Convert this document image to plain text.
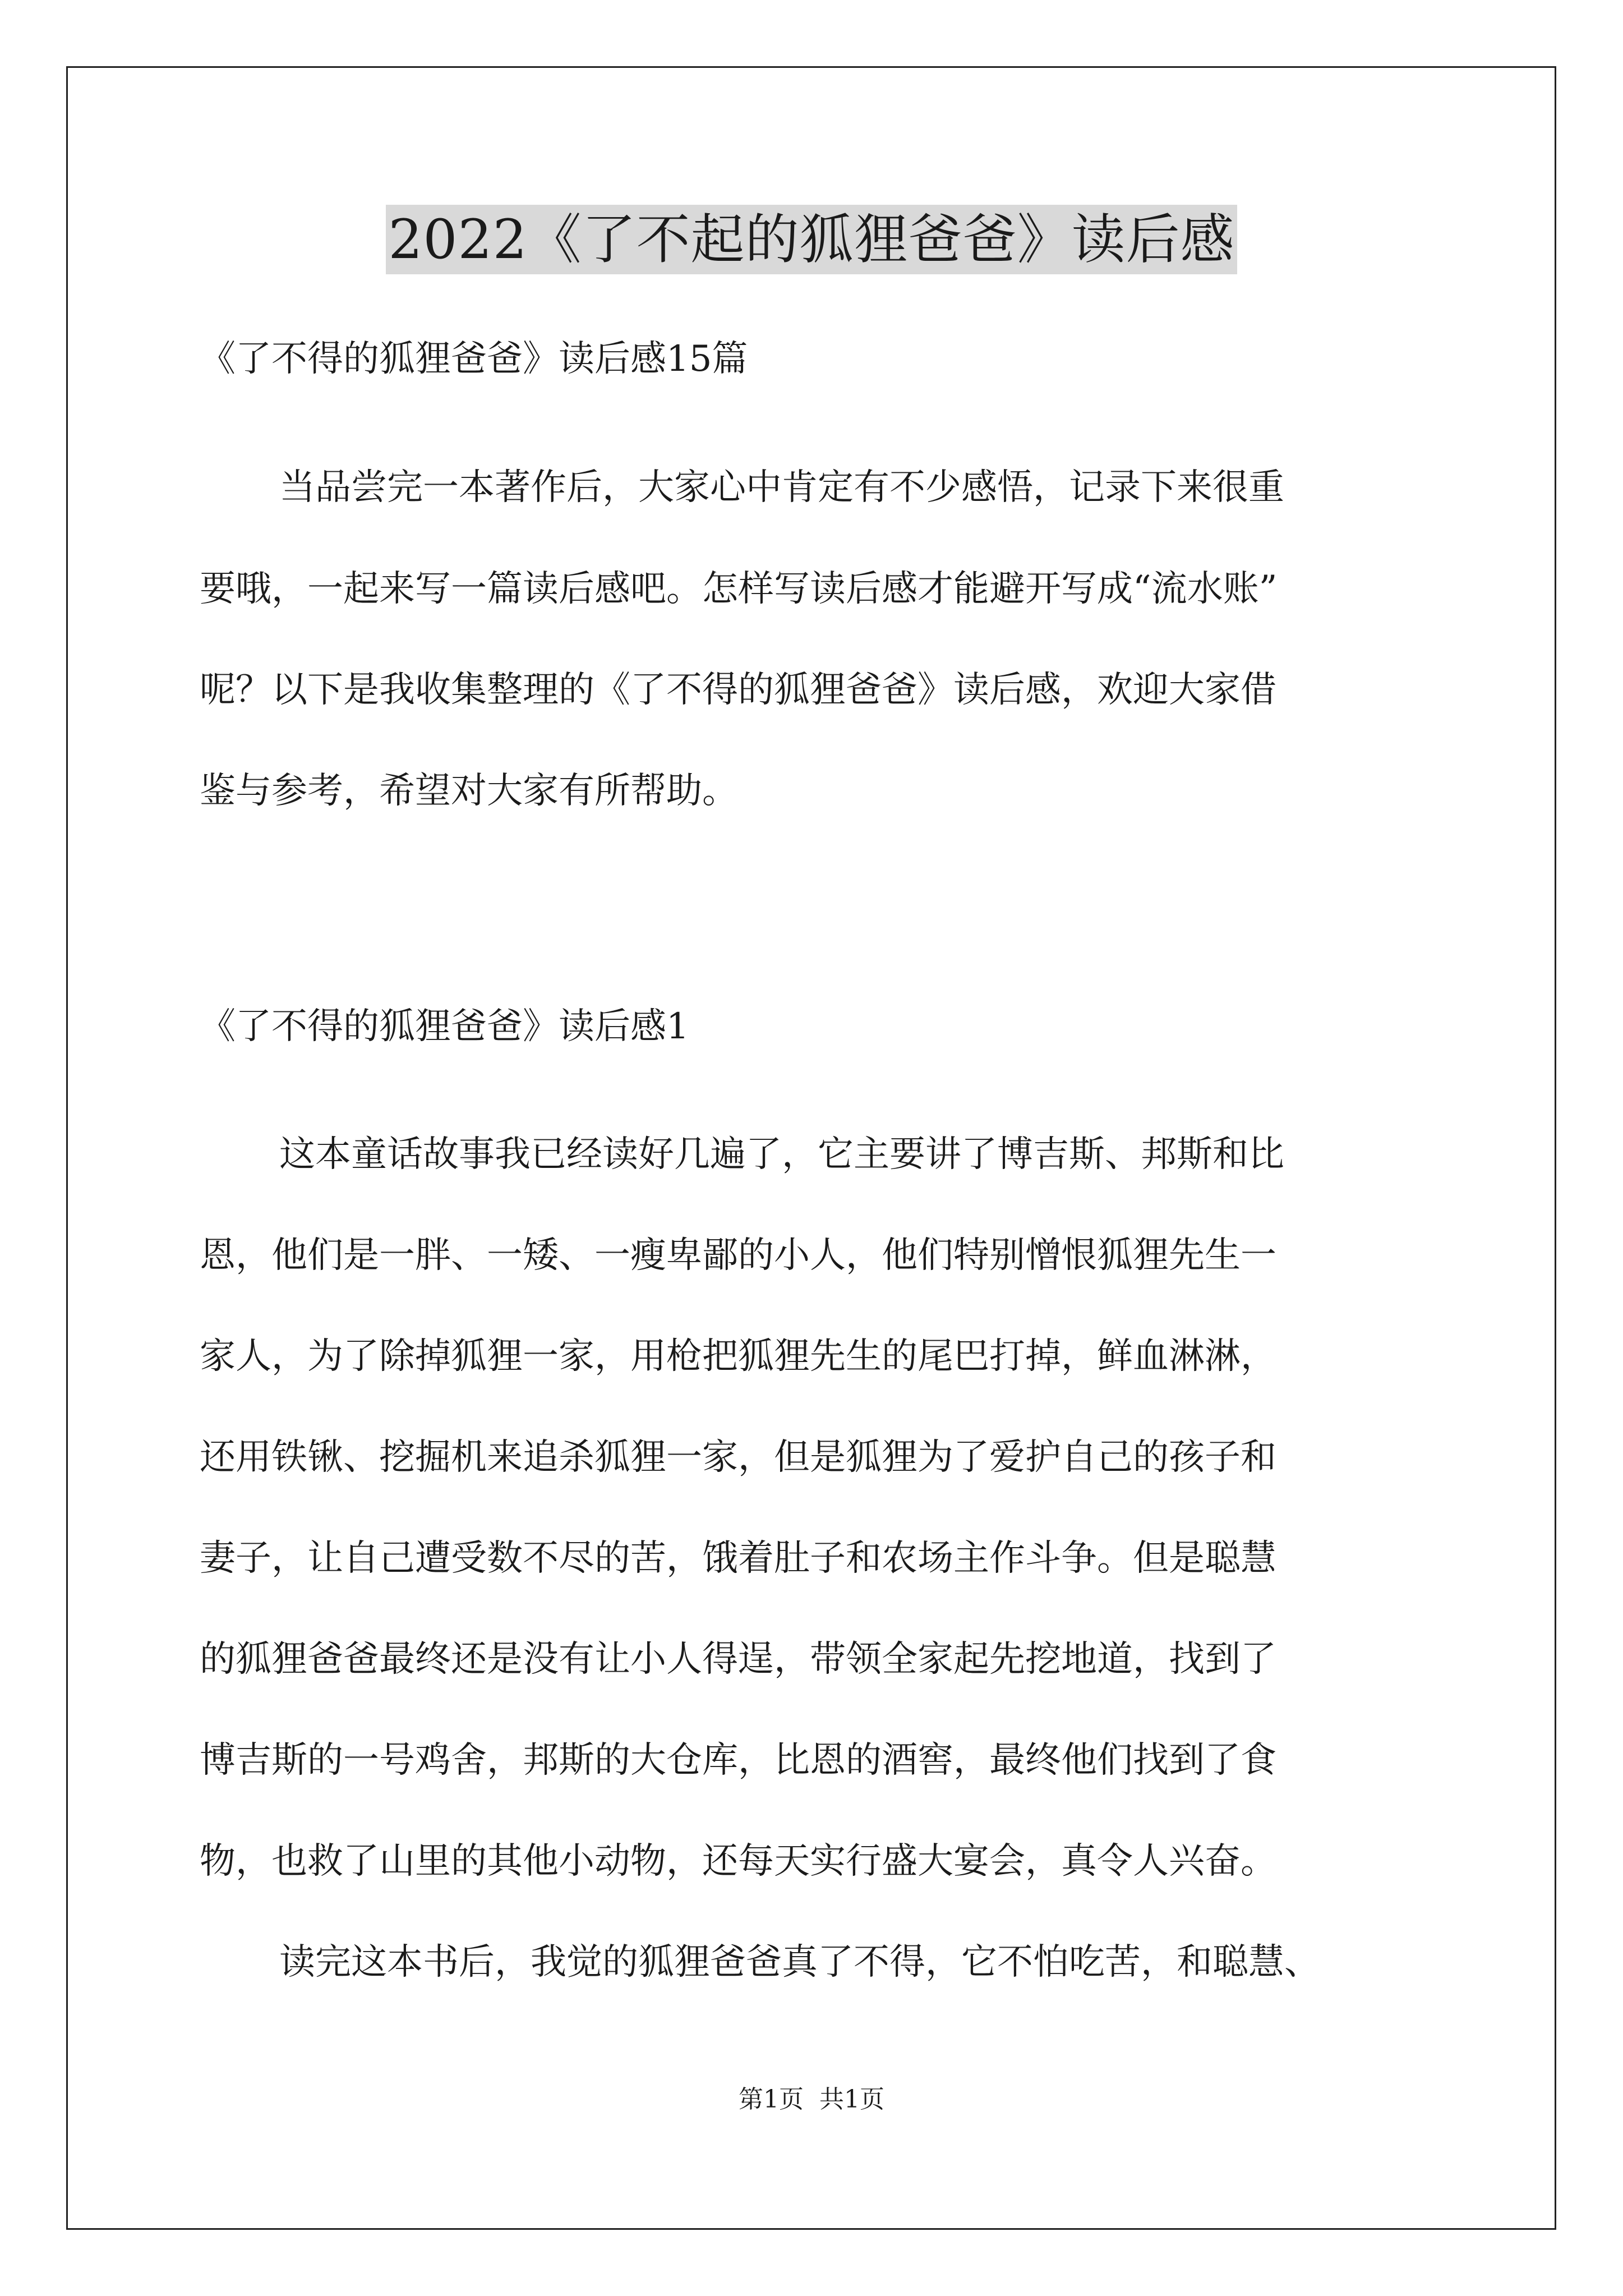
2022《了不起的狐狸爸爸》读后感
《了不得的狐狸爸爸》读后感15篇
当品尝完一本著作后，大家心中肯定有不少感悟，记录下来很重
要哦，一起来写一篇读后感吧。怎样写读后感才能避开写成“流水账”
呢？以下是我收集整理的《了不得的狐狸爸爸》读后感，欢迎大家借
鉴与参考，希望对大家有所帮助。
《了不得的狐狸爸爸》读后感1
这本童话故事我已经读好几遍了，它主要讲了博吉斯、邦斯和比
恩，他们是一胖、一矮、一瘦卑鄙的小人，他们特别憎恨狐狸先生一
家人，为了除掉狐狸一家，用枪把狐狸先生的尾巴打掉，鲜血淋淋，
还用铁锹、挖掘机来追杀狐狸一家，但是狐狸为了爱护自己的孩子和
妻子，让自己遭受数不尽的苦，饿着肚子和农场主作斗争。但是聪慧
的狐狸爸爸最终还是没有让小人得逞，带领全家起先挖地道，找到了
博吉斯的一号鸡舍，邦斯的大仓库，比恩的酒窖，最终他们找到了食
物，也救了山里的其他小动物，还每天实行盛大宴会，真令人兴奋。
读完这本书后，我觉的狐狸爸爸真了不得，它不怕吃苦，和聪慧、
第1页 共1页
